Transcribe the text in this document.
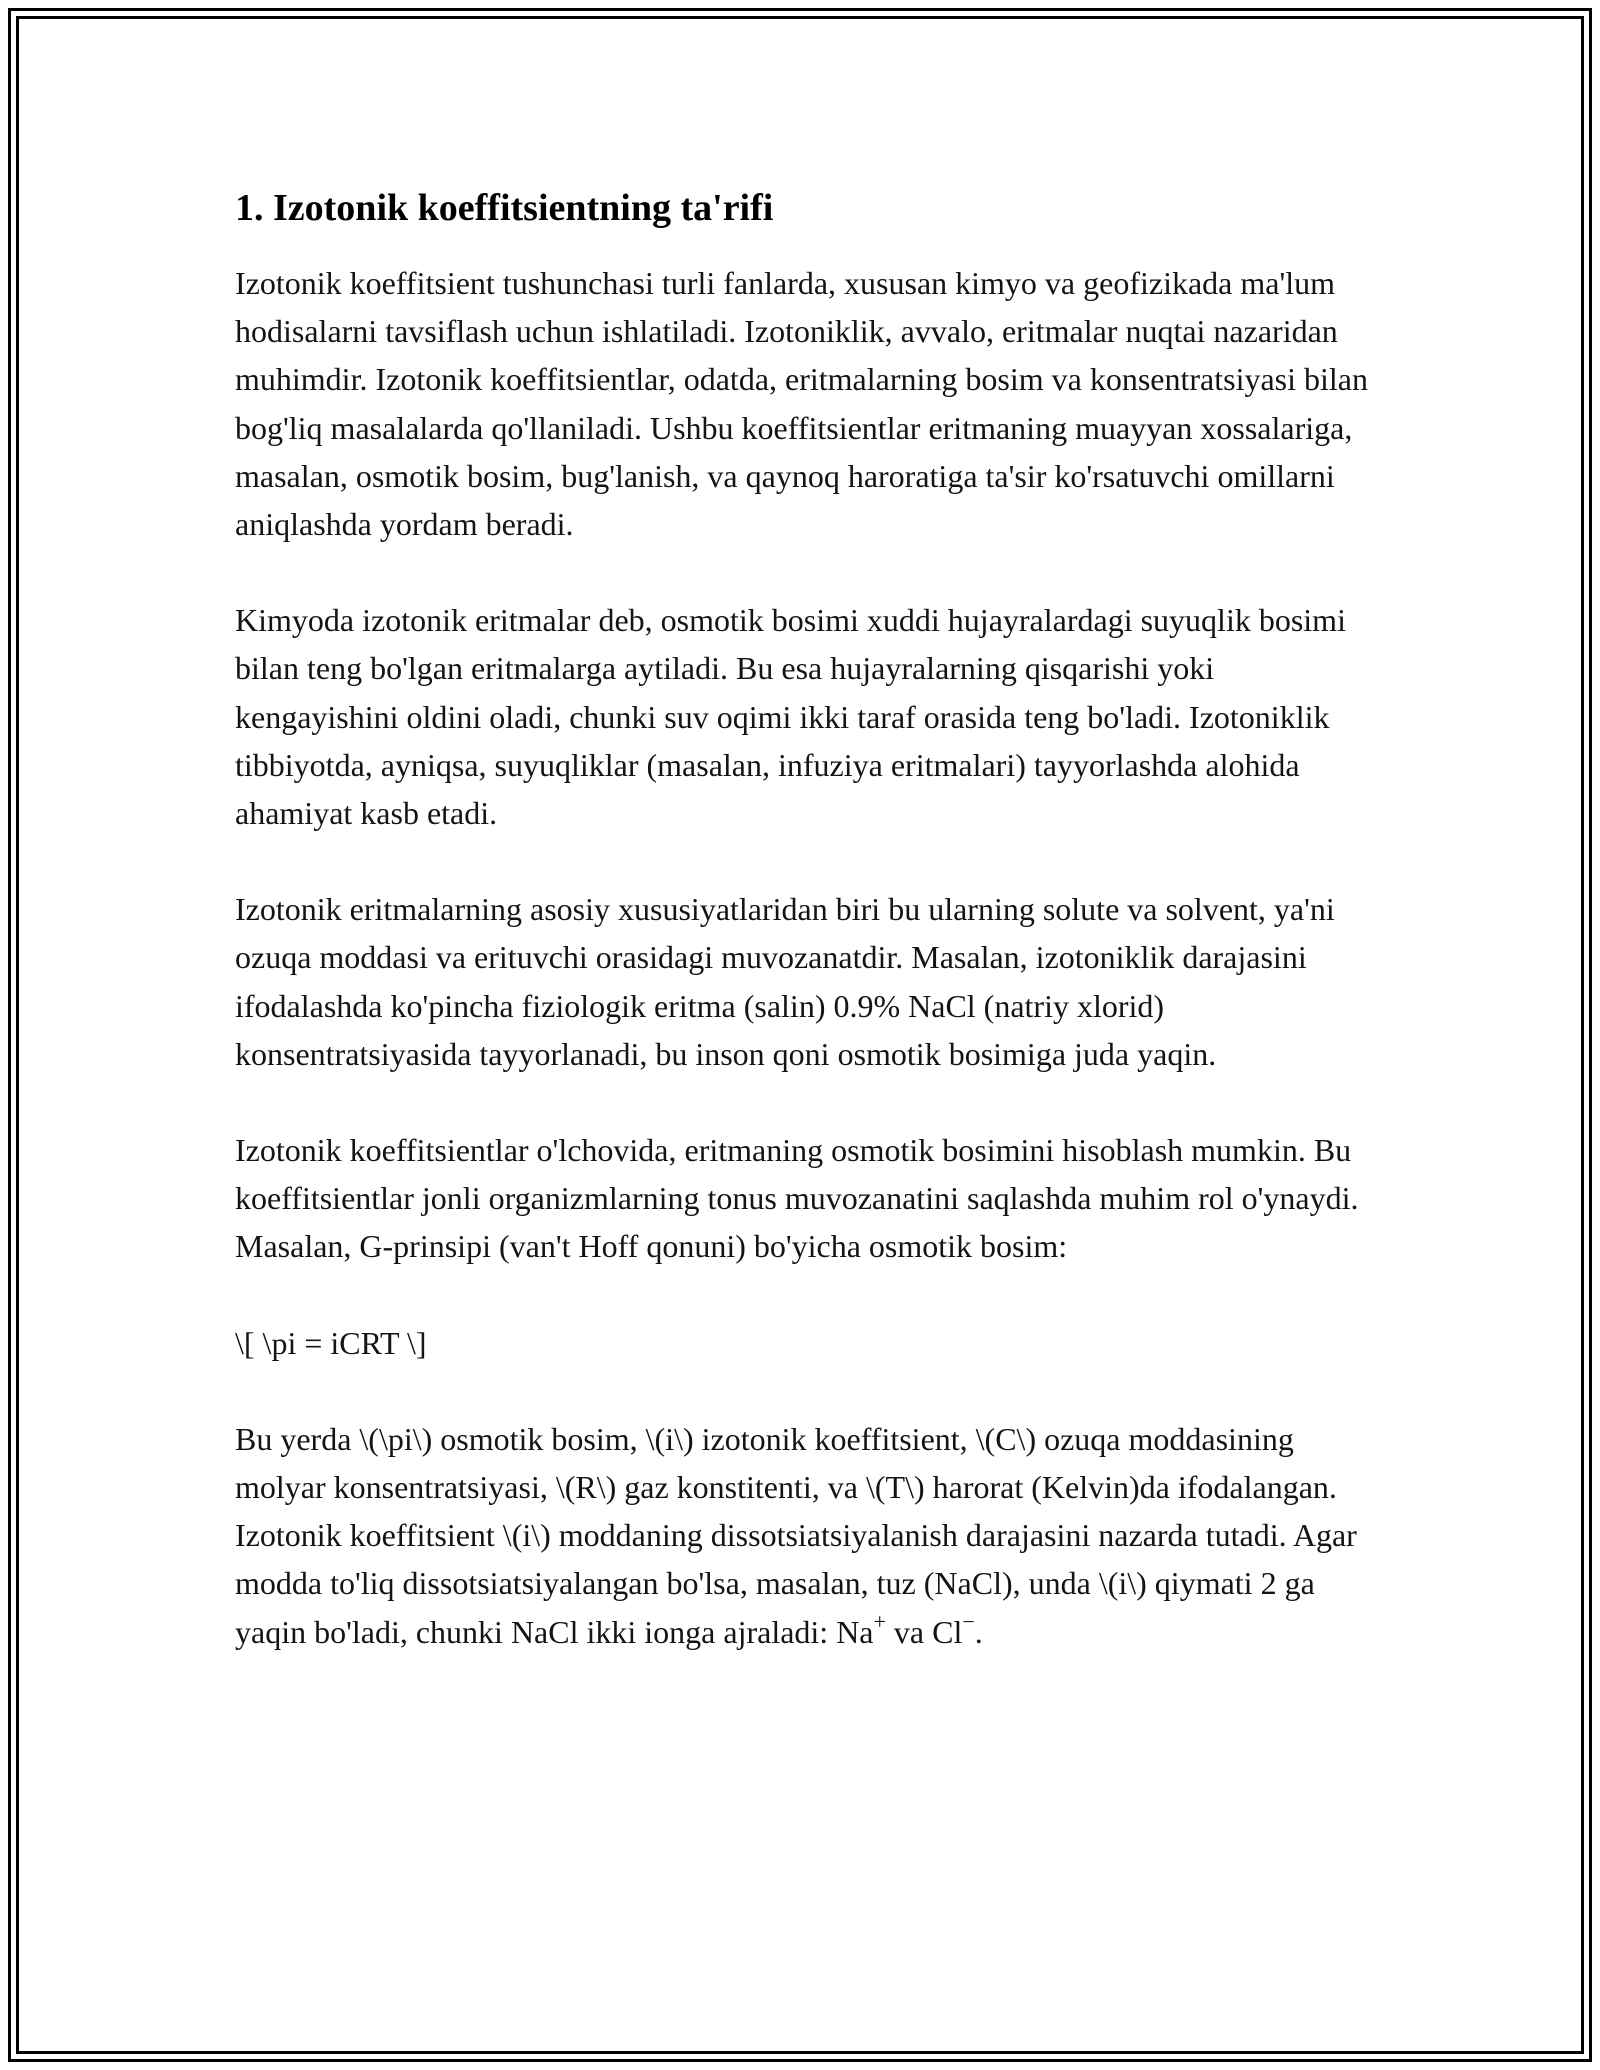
1. Izotonik koeffitsientning ta'rifi

Izotonik koeffitsient tushunchasi turli fanlarda, xususan kimyo va geofizikada ma'lum hodisalarni tavsiflash uchun ishlatiladi. Izotoniklik, avvalo, eritmalar nuqtai nazaridan muhimdir. Izotonik koeffitsientlar, odatda, eritmalarning bosim va konsentratsiyasi bilan bog'liq masalalarda qo'llaniladi. Ushbu koeffitsientlar eritmaning muayyan xossalariga, masalan, osmotik bosim, bug'lanish, va qaynoq haroratiga ta'sir ko'rsatuvchi omillarni aniqlashda yordam beradi.

Kimyoda izotonik eritmalar deb, osmotik bosimi xuddi hujayralardagi suyuqlik bosimi bilan teng bo'lgan eritmalarga aytiladi. Bu esa hujayralarning qisqarishi yoki kengayishini oldini oladi, chunki suv oqimi ikki taraf orasida teng bo'ladi. Izotoniklik tibbiyotda, ayniqsa, suyuqliklar (masalan, infuziya eritmalari) tayyorlashda alohida ahamiyat kasb etadi.

Izotonik eritmalarning asosiy xususiyatlaridan biri bu ularning solute va solvent, ya'ni ozuqa moddasi va erituvchi orasidagi muvozanatdir. Masalan, izotoniklik darajasini ifodalashda ko'pincha fiziologik eritma (salin) 0.9% NaCl (natriy xlorid) konsentratsiyasida tayyorlanadi, bu inson qoni osmotik bosimiga juda yaqin.

Izotonik koeffitsientlar o'lchovida, eritmaning osmotik bosimini hisoblash mumkin. Bu koeffitsientlar jonli organizmlarning tonus muvozanatini saqlashda muhim rol o'ynaydi. Masalan, G-prinsipi (van't Hoff qonuni) bo'yicha osmotik bosim:

\[ \pi = iCRT \]

Bu yerda \(\pi\) osmotik bosim, \(i\) izotonik koeffitsient, \(C\) ozuqa moddasining molyar konsentratsiyasi, \(R\) gaz konstitenti, va \(T\) harorat (Kelvin)da ifodalangan. Izotonik koeffitsient \(i\) moddaning dissotsiatsiyalanish darajasini nazarda tutadi. Agar modda to'liq dissotsiatsiyalangan bo'lsa, masalan, tuz (NaCl), unda \(i\) qiymati 2 ga yaqin bo'ladi, chunki NaCl ikki ionga ajraladi: Na+ va Cl−.
